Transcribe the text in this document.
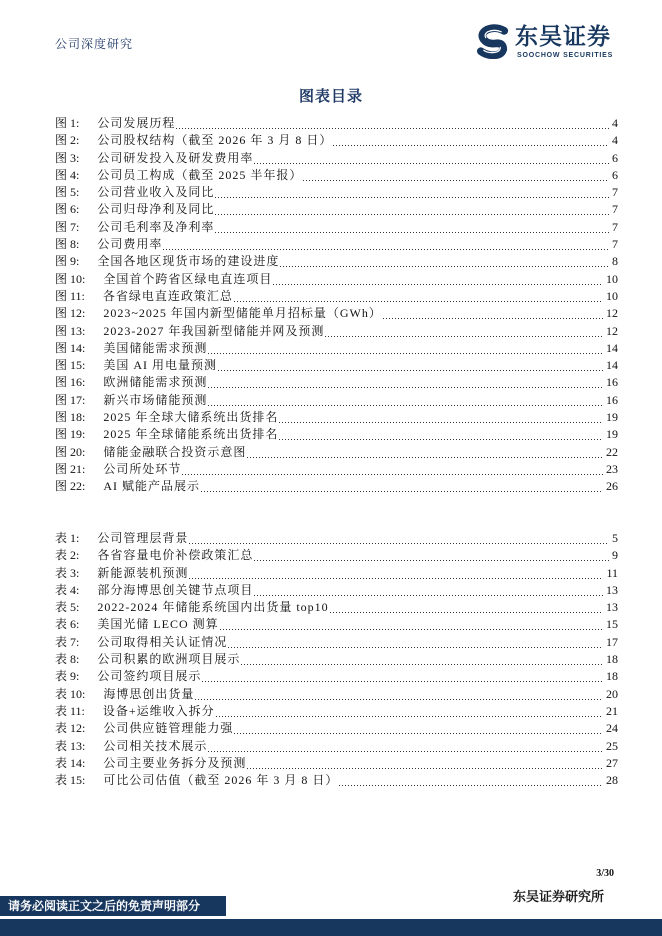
公司深度研究	东吴证券
SOOCHOW SECURITIES
图表目录
图 1: 公司发展历程	4
图 2: 公司股权结构（截至 2026 年 3 月 8 日）	4
图 3: 公司研发投入及研发费用率	6
图 4: 公司员工构成（截至 2025 半年报）	6
图 5: 公司营业收入及同比	7
图 6: 公司归母净利及同比	7
图 7: 公司毛利率及净利率	7
图 8: 公司费用率	7
图 9: 全国各地区现货市场的建设进度	8
图 10: 全国首个跨省区绿电直连项目	10
图 11: 各省绿电直连政策汇总	10
图 12: 2023~2025 年国内新型储能单月招标量（GWh）	12
图 13: 2023-2027 年我国新型储能并网及预测	12
图 14: 美国储能需求预测	14
图 15: 美国 AI 用电量预测	14
图 16: 欧洲储能需求预测	16
图 17: 新兴市场储能预测	16
图 18: 2025 年全球大储系统出货排名	19
图 19: 2025 年全球储能系统出货排名	19
图 20: 储能金融联合投资示意图	22
图 21: 公司所处环节	23
图 22: AI 赋能产品展示	26
表 1: 公司管理层背景	5
表 2: 各省容量电价补偿政策汇总	9
表 3: 新能源装机预测	11
表 4: 部分海博思创关键节点项目	13
表 5: 2022-2024 年储能系统国内出货量 top10	13
表 6: 美国光储 LECO 测算	15
表 7: 公司取得相关认证情况	17
表 8: 公司积累的欧洲项目展示	18
表 9: 公司签约项目展示	18
表 10: 海博思创出货量	20
表 11: 设备+运维收入拆分	21
表 12: 公司供应链管理能力强	24
表 13: 公司相关技术展示	25
表 14: 公司主要业务拆分及预测	27
表 15: 可比公司估值（截至 2026 年 3 月 8 日）	28
3/30
东吴证券研究所
请务必阅读正文之后的免责声明部分
